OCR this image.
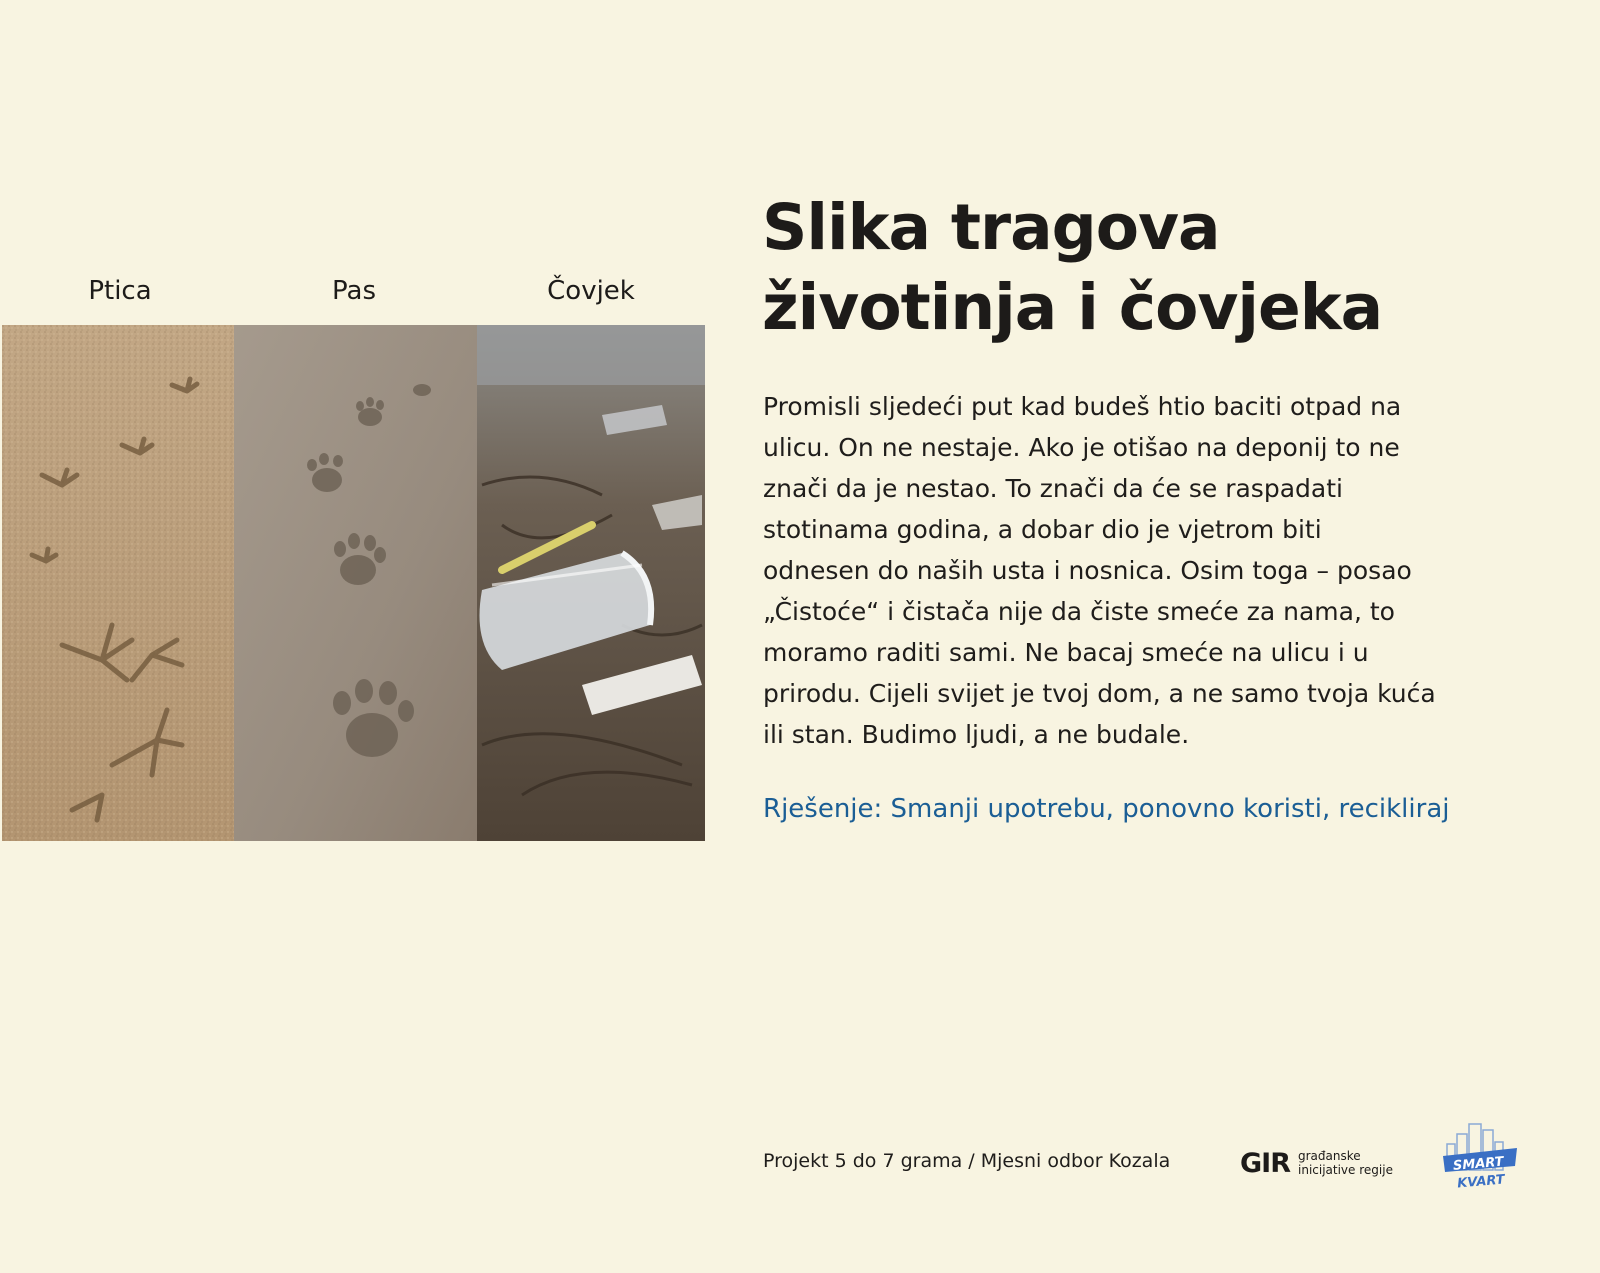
Ptica	Pas	Čovjek
Slika tragova
životinja i čovjeka
Promisli sljedeći put kad budeš htio baciti otpad na
ulicu. On ne nestaje. Ako je otišao na deponij to ne
znači da je nestao. To znači da će se raspadati
stotinama godina, a dobar dio je vjetrom biti
odnesen do naših usta i nosnica. Osim toga – posao
„Čistoće“ i čistača nije da čiste smeće za nama, to
moramo raditi sami. Ne bacaj smeće na ulicu i u
prirodu. Cijeli svijet je tvoj dom, a ne samo tvoja kuća
ili stan. Budimo ljudi, a ne budale.
Rješenje: Smanji upotrebu, ponovno koristi, recikliraj
Projekt 5 do 7 grama / Mjesni odbor Kozala	GIR građanske
inicijative regije	SMART
KVART
